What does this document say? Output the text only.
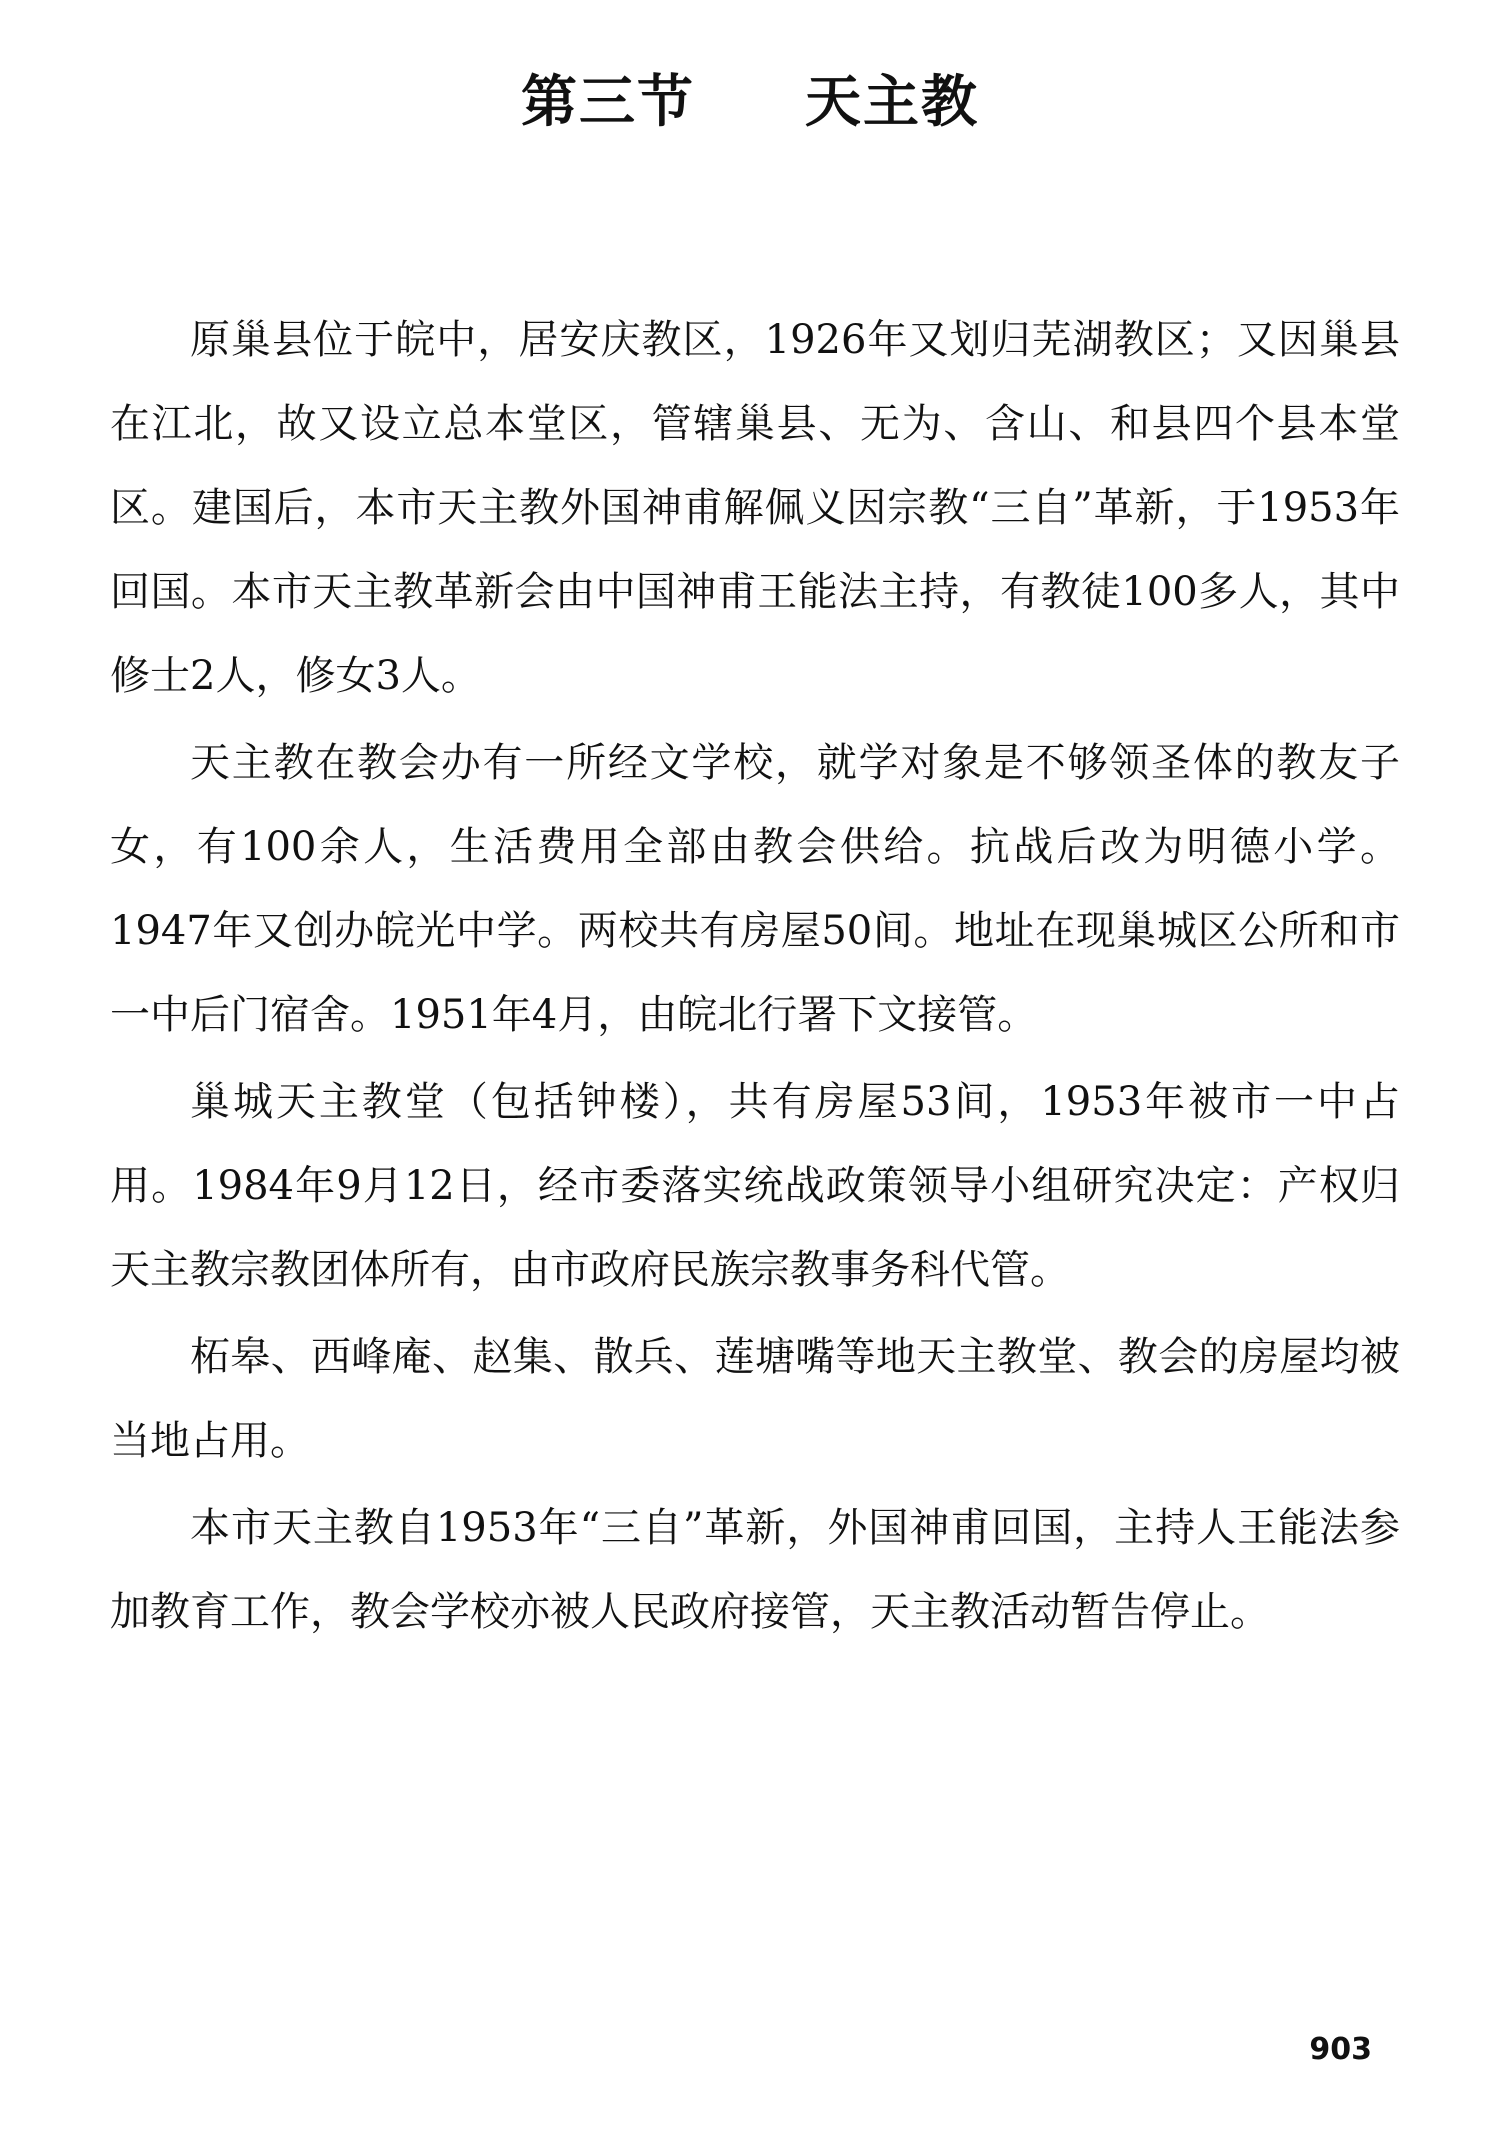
第三节 天主教

原巢县位于皖中，居安庆教区，1926年又划归芜湖教区；又因巢县在江北，故又设立总本堂区，管辖巢县、无为、含山、和县四个县本堂区。建国后，本市天主教外国神甫解佩义因宗教“三自”革新，于1953年回国。本市天主教革新会由中国神甫王能法主持，有教徒100多人，其中修士2人，修女3人。

天主教在教会办有一所经文学校，就学对象是不够领圣体的教友子女，有100余人，生活费用全部由教会供给。抗战后改为明德小学。1947年又创办皖光中学。两校共有房屋50间。地址在现巢城区公所和市一中后门宿舍。1951年4月，由皖北行署下文接管。

巢城天主教堂（包括钟楼），共有房屋53间，1953年被市一中占用。1984年9月12日，经市委落实统战政策领导小组研究决定：产权归天主教宗教团体所有，由市政府民族宗教事务科代管。

柘皋、西峰庵、赵集、散兵、莲塘嘴等地天主教堂、教会的房屋均被当地占用。

本市天主教自1953年“三自”革新，外国神甫回国，主持人王能法参加教育工作，教会学校亦被人民政府接管，天主教活动暂告停止。

903
